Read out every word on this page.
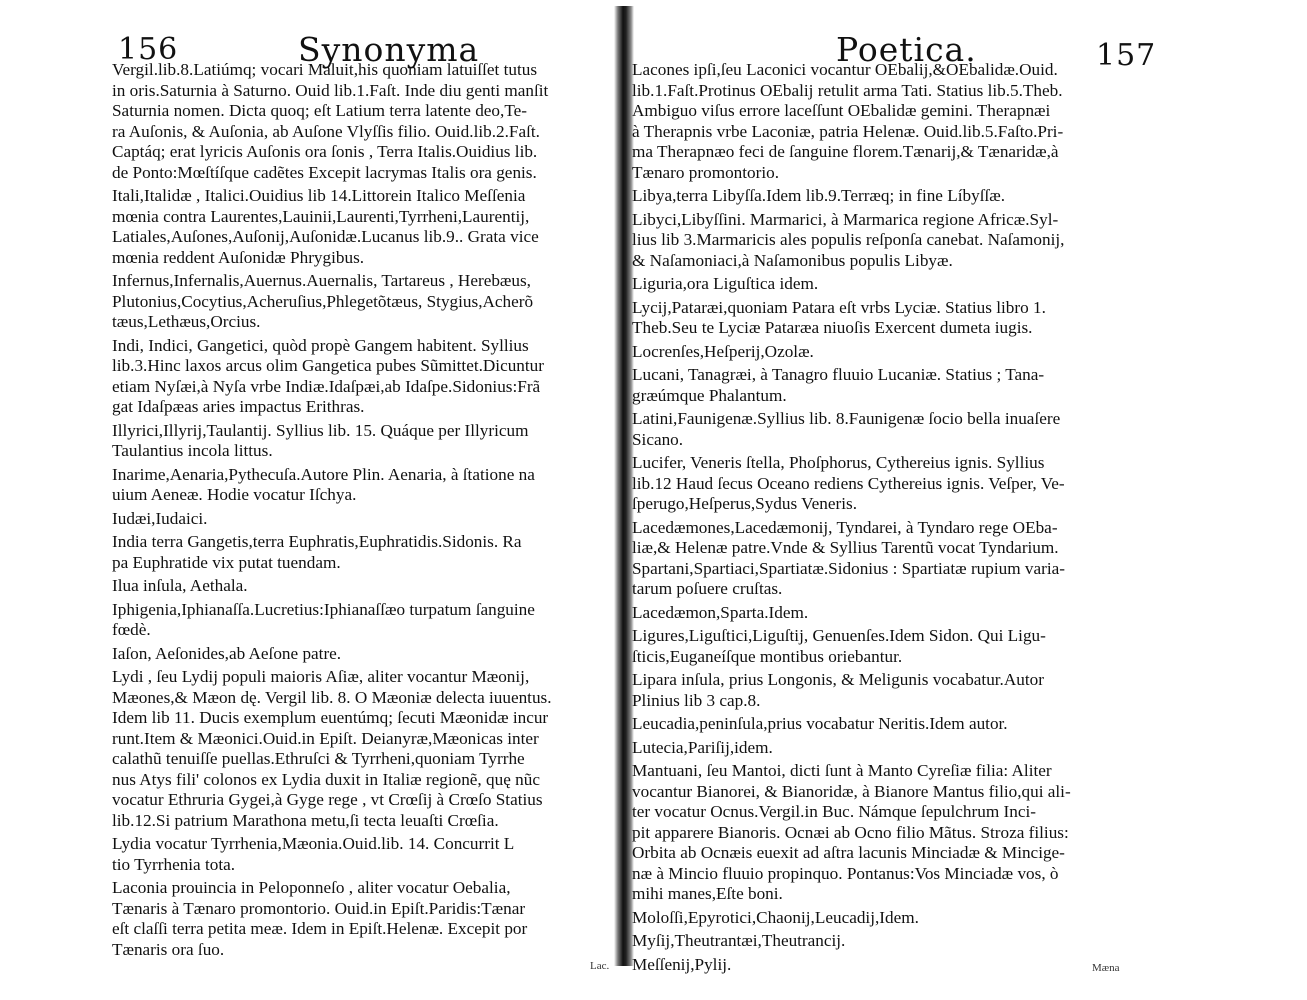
156	Synonyma
Vergil.lib.8.Latiúmq; vocari Maluit,his quoniam latuiſſet tutus
in oris.Saturnia à Saturno. Ouid lib.1.Faſt. Inde diu genti manſit
Saturnia nomen. Dicta quoq; eſt Latium terra latente deo,Te-
ra Auſonis, & Auſonia, ab Auſone Vlyſſis filio. Ouid.lib.2.Faſt.
Captáq; erat lyricis Auſonis ora ſonis , Terra Italis.Ouidius lib.
de Ponto:Mœſtíſque cadẽtes Excepit lacrymas Italis ora genis.
Itali,Italidæ , Italici.Ouidius lib 14.Littorein Italico Meſſenia
mœnia contra Laurentes,Lauinii,Laurenti,Tyrrheni,Laurentij,
Latiales,Auſones,Auſonij,Auſonidæ.Lucanus lib.9.. Grata vice
mœnia reddent Auſonidæ Phrygibus.
Infernus,Infernalis,Auernus.Auernalis, Tartareus , Herebæus,
Plutonius,Cocytius,Acheruſius,Phlegetõtæus, Stygius,Acherõ
tæus,Lethæus,Orcius.
Indi, Indici, Gangetici, quòd propè Gangem habitent. Syllius
lib.3.Hinc laxos arcus olim Gangetica pubes Sũmittet.Dicuntur
etiam Nyſæi,à Nyſa vrbe Indiæ.Idaſpæi,ab Idaſpe.Sidonius:Frã
gat Idaſpæas aries impactus Erithras.
Illyrici,Illyrij,Taulantij. Syllius lib. 15. Quáque per Illyricum
Taulantius incola littus.
Inarime,Aenaria,Pythecuſa.Autore Plin. Aenaria, à ſtatione na
uium Aeneæ. Hodie vocatur Iſchya.
Iudæi,Iudaici.
India terra Gangetis,terra Euphratis,Euphratidis.Sidonis. Ra
pa Euphratide vix putat tuendam.
Ilua inſula, Aethala.
Iphigenia,Iphianaſſa.Lucretius:Iphianaſſæo turpatum ſanguine
fœdè.
Iaſon, Aeſonides,ab Aeſone patre.
Lydi , ſeu Lydij populi maioris Aſiæ, aliter vocantur Mæonij,
Mæones,& Mæon dę. Vergil lib. 8. O Mæoniæ delecta iuuentus.
Idem lib 11. Ducis exemplum euentúmq; ſecuti Mæonidæ incur
runt.Item & Mæonici.Ouid.in Epiſt. Deianyræ,Mæonicas inter
calathũ tenuiſſe puellas.Ethruſci & Tyrrheni,quoniam Tyrrhe
nus Atys fili' colonos ex Lydia duxit in Italiæ regionẽ, quę nũc
vocatur Ethruria Gygei,à Gyge rege , vt Crœſij à Crœſo Statius
lib.12.Si patrium Marathona metu,ſi tecta leuaſti Crœſia.
Lydia vocatur Tyrrhenia,Mæonia.Ouid.lib. 14. Concurrit L
tio Tyrrhenia tota.
Laconia prouincia in Peloponneſo , aliter vocatur Oebalia,
Tænaris à Tænaro promontorio. Ouid.in Epiſt.Paridis:Tænar
eſt claſſi terra petita meæ. Idem in Epiſt.Helenæ. Excepit por
Tænaris ora ſuo.
Lac.
Poetica.	157
Lacones ipſi,ſeu Laconici vocantur OEbalij,&OEbalidæ.Ouid.
lib.1.Faſt.Protinus OEbalij retulit arma Tati. Statius lib.5.Theb.
Ambiguo viſus errore laceſſunt OEbalidæ gemini. Therapnæi
à Therapnis vrbe Laconiæ, patria Helenæ. Ouid.lib.5.Faſto.Pri-
ma Therapnæo feci de ſanguine florem.Tænarij,& Tænaridæ,à
Tænaro promontorio.
Libya,terra Libyſſa.Idem lib.9.Terræq; in fine Líbyſſæ.
Libyci,Libyſſini. Marmarici, à Marmarica regione Africæ.Syl-
lius lib 3.Marmaricis ales populis reſponſa canebat. Naſamonij,
& Naſamoniaci,à Naſamonibus populis Libyæ.
Liguria,ora Liguſtica idem.
Lycij,Pataræi,quoniam Patara eſt vrbs Lyciæ. Statius libro 1.
Theb.Seu te Lyciæ Pataræa niuoſis Exercent dumeta iugis.
Locrenſes,Heſperij,Ozolæ.
Lucani, Tanagræi, à Tanagro fluuio Lucaniæ. Statius ; Tana-
græúmque Phalantum.
Latini,Faunigenæ.Syllius lib. 8.Faunigenæ ſocio bella inuaſere
Sicano.
Lucifer, Veneris ſtella, Phoſphorus, Cythereius ignis. Syllius
lib.12 Haud ſecus Oceano rediens Cythereius ignis. Veſper, Ve-
ſperugo,Heſperus,Sydus Veneris.
Lacedæmones,Lacedæmonij, Tyndarei, à Tyndaro rege OEba-
liæ,& Helenæ patre.Vnde & Syllius Tarentũ vocat Tyndarium.
Spartani,Spartiaci,Spartiatæ.Sidonius : Spartiatæ rupium varia-
tarum poſuere cruſtas.
Lacedæmon,Sparta.Idem.
Ligures,Liguſtici,Liguſtij, Genuenſes.Idem Sidon. Qui Ligu-
ſticis,Euganeíſque montibus oriebantur.
Lipara inſula, prius Longonis, & Meligunis vocabatur.Autor
Plinius lib 3 cap.8.
Leucadia,peninſula,prius vocabatur Neritis.Idem autor.
Lutecia,Pariſij,idem.
Mantuani, ſeu Mantoi, dicti ſunt à Manto Cyreſiæ filia: Aliter
vocantur Bianorei, & Bianoridæ, à Bianore Mantus filio,qui ali-
ter vocatur Ocnus.Vergil.in Buc. Námque ſepulchrum Inci-
pit apparere Bianoris. Ocnæi ab Ocno filio Mãtus. Stroza filius:
Orbita ab Ocnæis euexit ad aſtra lacunis Minciadæ & Mincige-
næ à Mincio fluuio propinquo. Pontanus:Vos Minciadæ vos, ò
mihi manes,Eſte boni.
Moloſſi,Epyrotici,Chaonij,Leucadij,Idem.
Myſij,Theutrantæi,Theutrancij.
Meſſenij,Pylij.	Mæna
